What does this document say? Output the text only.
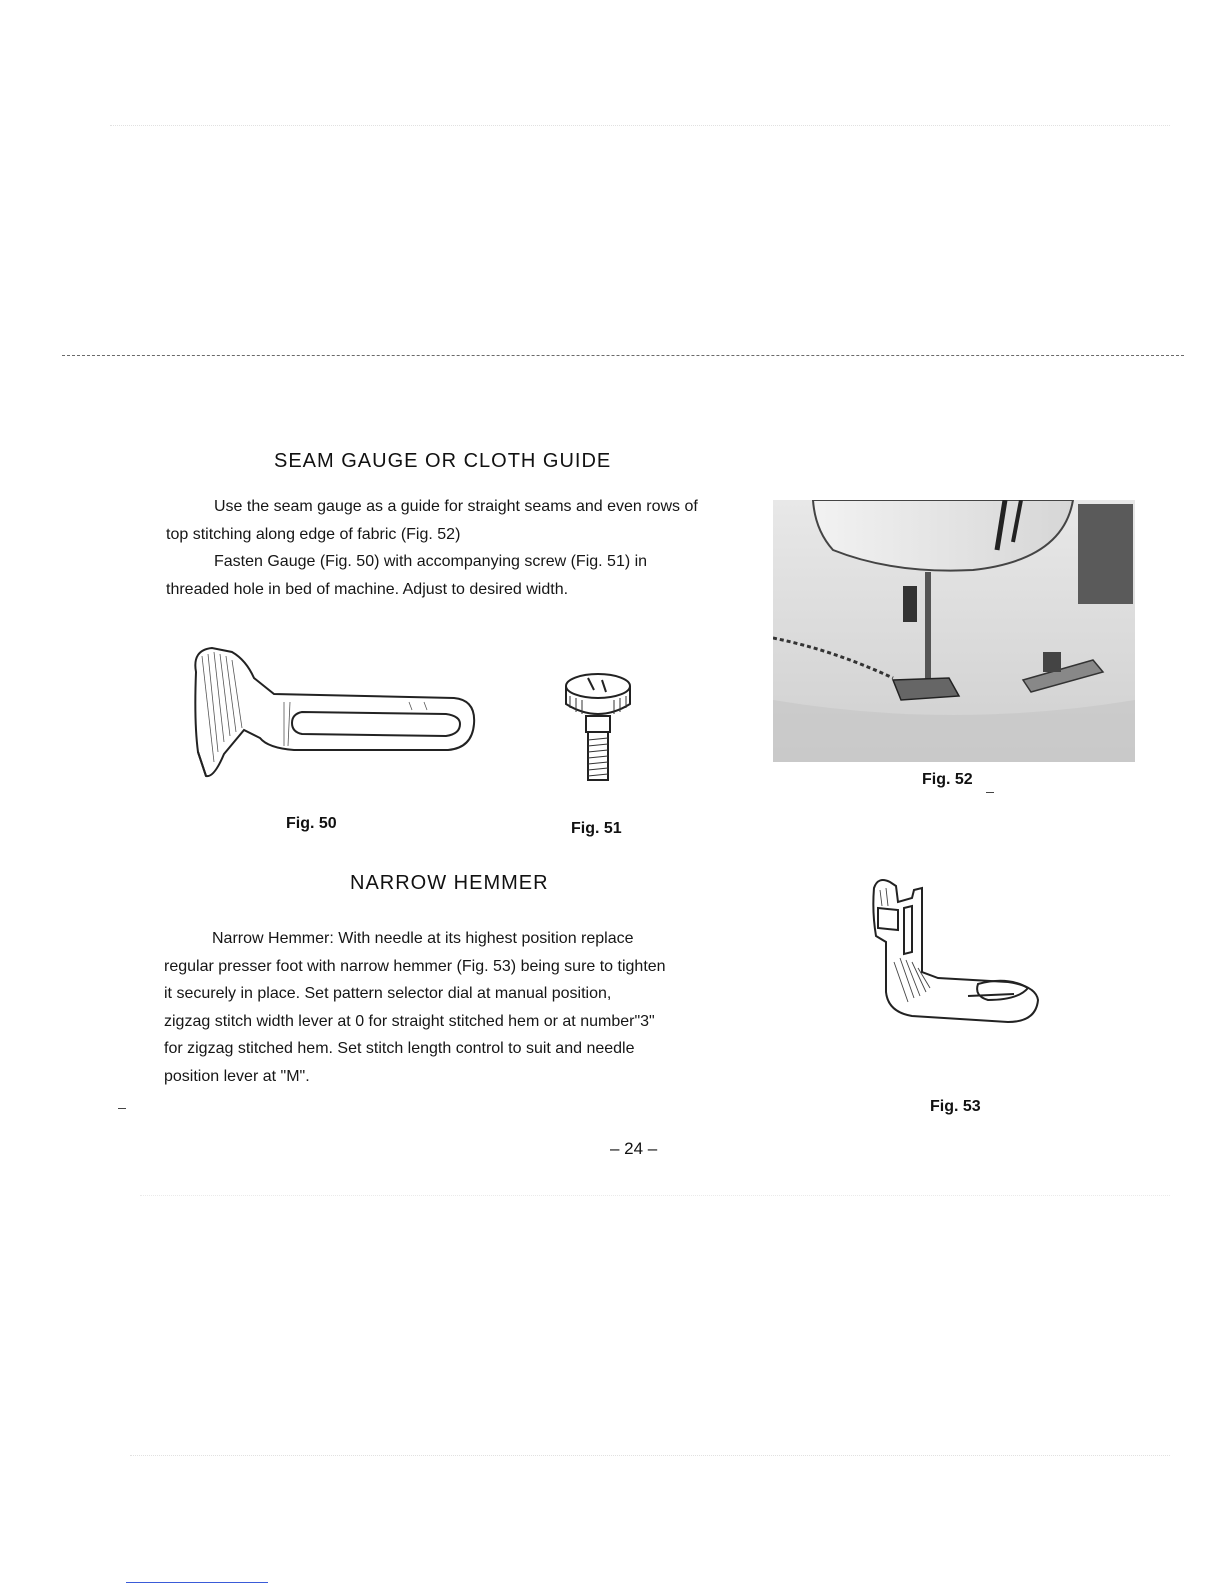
SEAM GAUGE OR CLOTH GUIDE
Use the seam gauge as a guide for straight seams and even rows of
top stitching along edge of fabric (Fig. 52)
Fasten Gauge (Fig. 50) with accompanying screw (Fig. 51) in
threaded hole in bed of machine. Adjust to desired width.
Fig. 50	Fig. 51
Fig. 52
NARROW HEMMER
Narrow Hemmer: With needle at its highest position replace
regular presser foot with narrow hemmer (Fig. 53) being sure to tighten
it securely in place. Set pattern selector dial at manual position,
zigzag stitch width lever at 0 for straight stitched hem or at number"3"
for zigzag stitched hem. Set stitch length control to suit and needle
position lever at "M".
Fig. 53
– 24 –
